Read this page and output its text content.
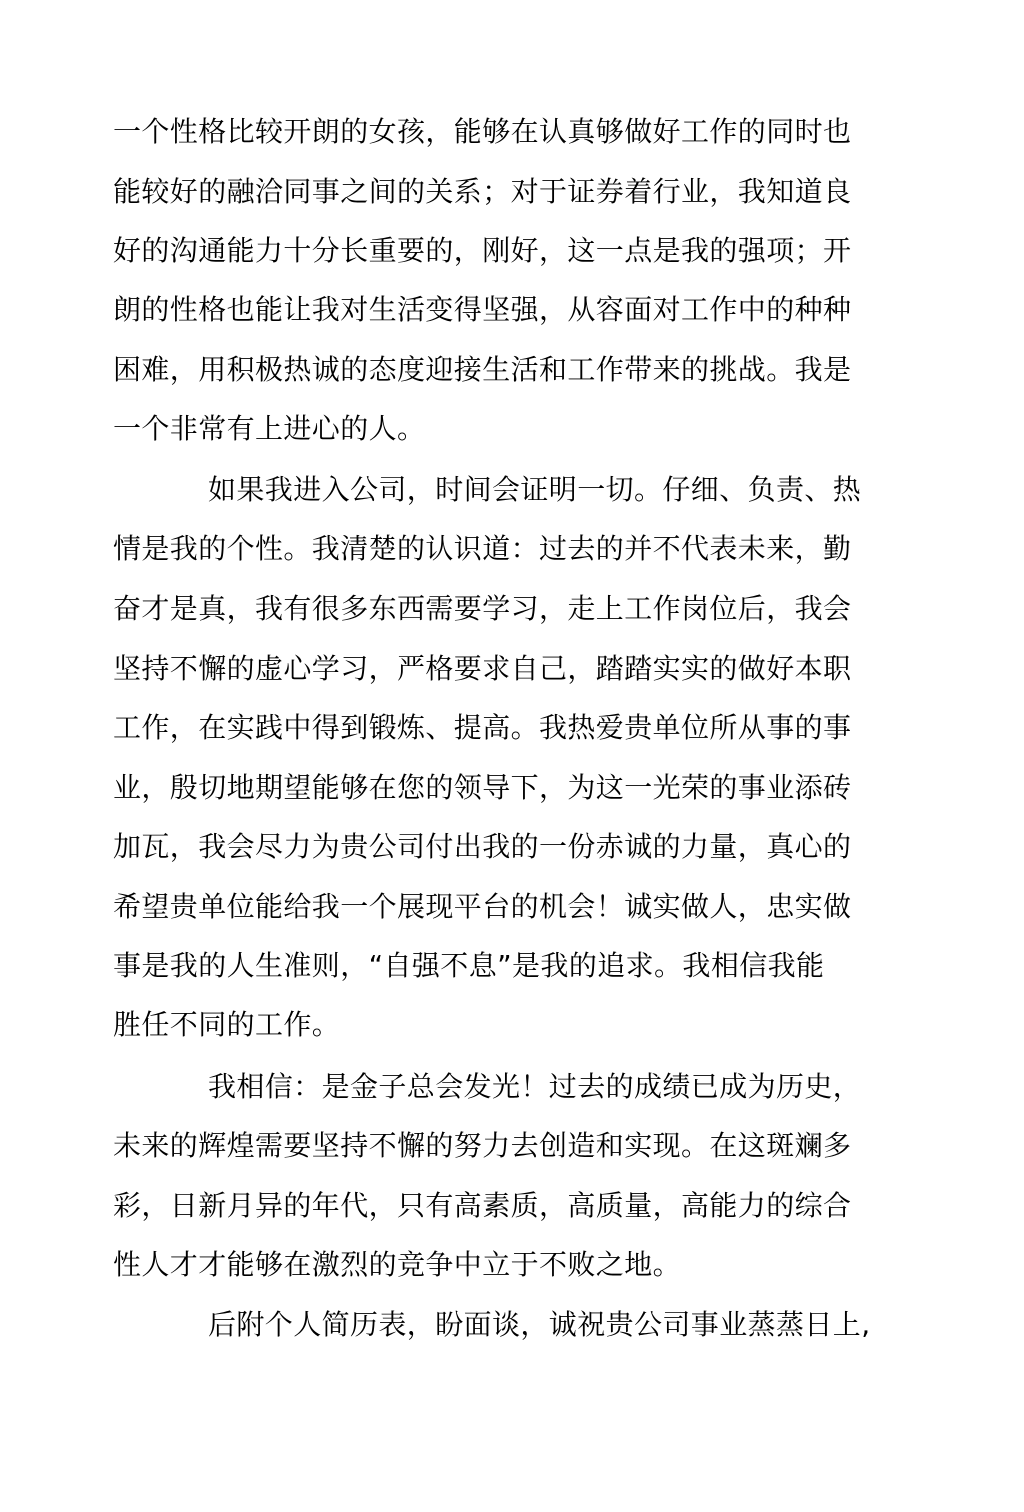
一个性格比较开朗的女孩，能够在认真够做好工作的同时也
能较好的融洽同事之间的关系；对于证券着行业，我知道良
好的沟通能力十分长重要的，刚好，这一点是我的强项；开
朗的性格也能让我对生活变得坚强，从容面对工作中的种种
困难，用积极热诚的态度迎接生活和工作带来的挑战。我是
一个非常有上进心的人。
如果我进入公司，时间会证明一切。仔细、负责、热
情是我的个性。我清楚的认识道：过去的并不代表未来，勤
奋才是真，我有很多东西需要学习，走上工作岗位后，我会
坚持不懈的虚心学习，严格要求自己，踏踏实实的做好本职
工作，在实践中得到锻炼、提高。我热爱贵单位所从事的事
业，殷切地期望能够在您的领导下，为这一光荣的事业添砖
加瓦，我会尽力为贵公司付出我的一份赤诚的力量，真心的
希望贵单位能给我一个展现平台的机会！诚实做人，忠实做
事是我的人生准则，“自强不息”是我的追求。我相信我能
胜任不同的工作。
我相信：是金子总会发光！过去的成绩已成为历史，
未来的辉煌需要坚持不懈的努力去创造和实现。在这斑斓多
彩，日新月异的年代，只有高素质，高质量，高能力的综合
性人才才能够在激烈的竞争中立于不败之地。
后附个人简历表，盼面谈，诚祝贵公司事业蒸蒸日上,
